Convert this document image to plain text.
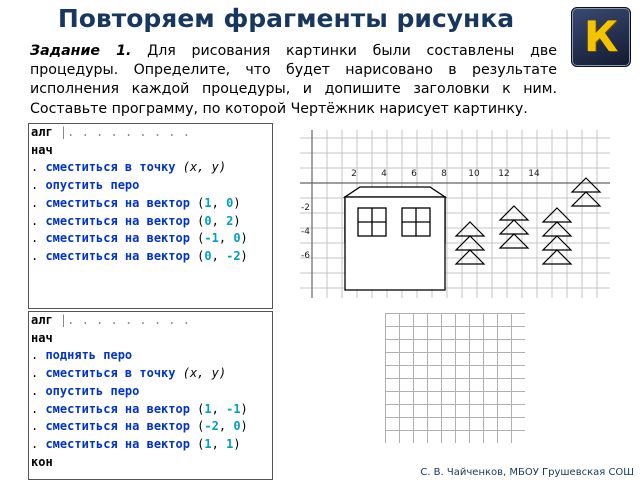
Повторяем фрагменты рисунка	К

Задание 1. Для рисования картинки были составлены две процедуры. Определите, что будет нарисовано в результате исполнения каждой процедуры, и допишите заголовки к ним. Составьте программу, по которой Чертёжник нарисует картинку.

алг |. . . . . . . . .
нач
. сместиться в точку (x, y)
. опустить перо
. сместиться на вектор (1, 0)
. сместиться на вектор (0, 2)
. сместиться на вектор (-1, 0)
. сместиться на вектор (0, -2)
алг |. . . . . . . . .
нач
. поднять перо
. сместиться в точку (x, y)
. опустить перо
. сместиться на вектор (1, -1)
. сместиться на вектор (-2, 0)
. сместиться на вектор (1, 1)
кон
2	4	6	8 10 12 14
-2
-4
-6
С. В. Чайченков, МБОУ Грушевская СОШ
